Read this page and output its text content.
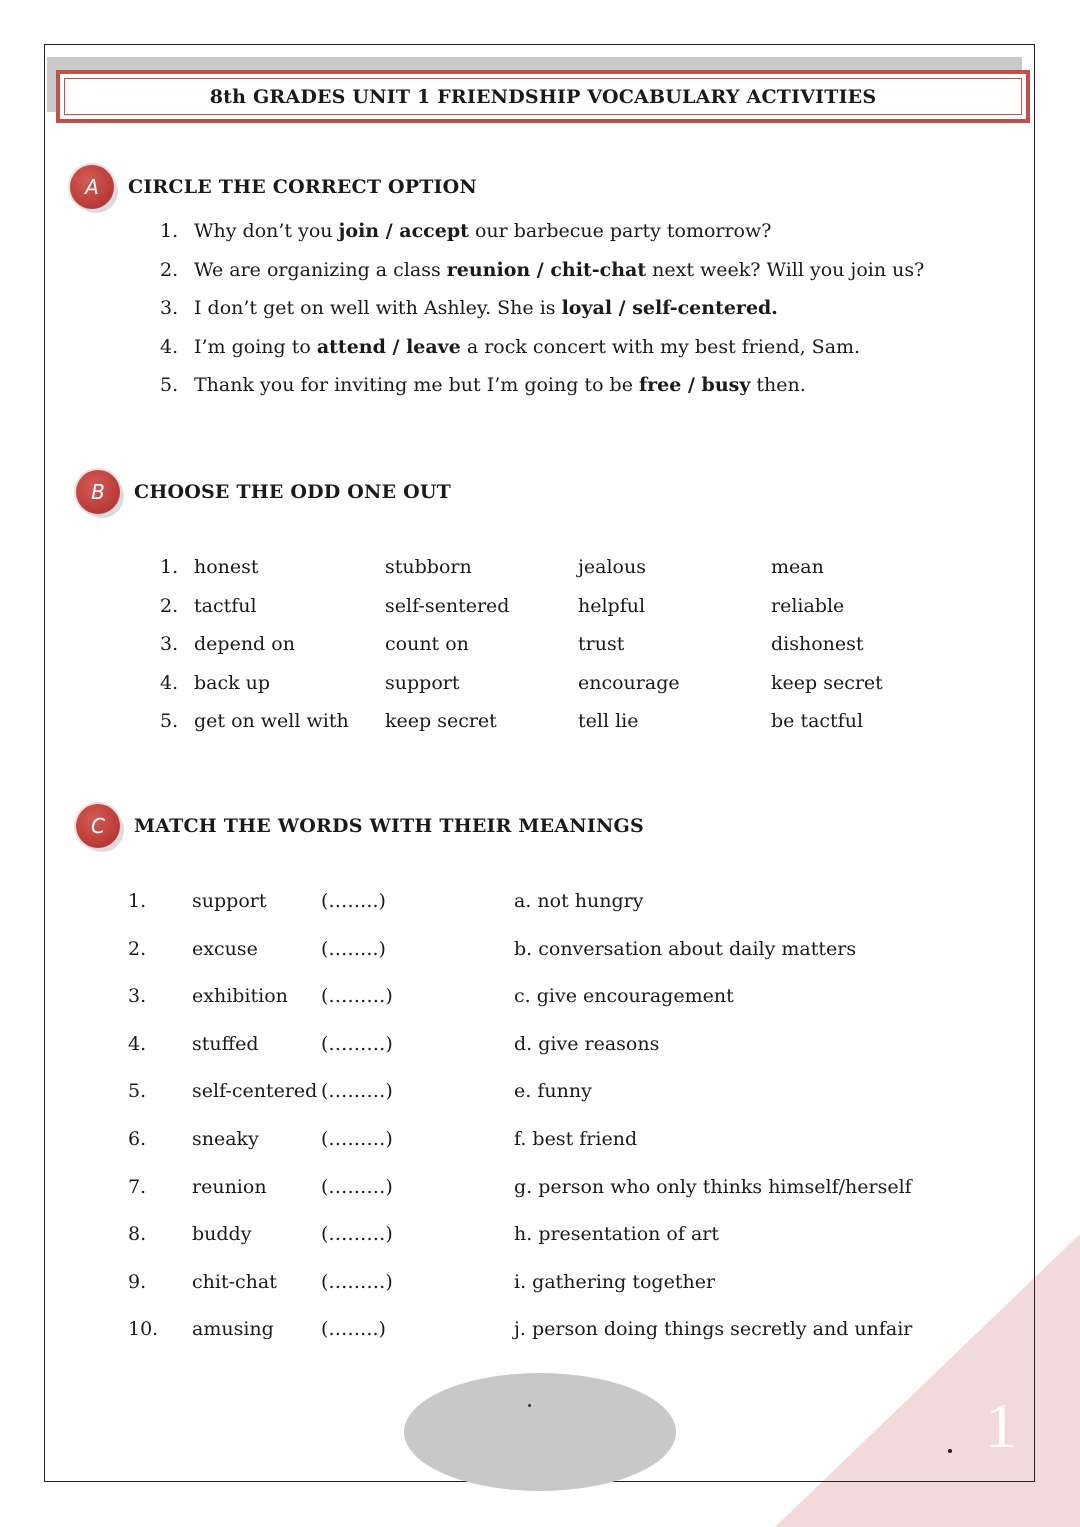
8th GRADES UNIT 1 FRIENDSHIP VOCABULARY ACTIVITIES
A	CIRCLE THE CORRECT OPTION
1. Why don’t you join / accept our barbecue party tomorrow?
2. We are organizing a class reunion / chit-chat next week? Will you join us?
3. I don’t get on well with Ashley. She is loyal / self-centered.
4. I’m going to attend / leave a rock concert with my best friend, Sam.
5. Thank you for inviting me but I’m going to be free / busy then.
B	CHOOSE THE ODD ONE OUT
1. honest	stubborn	jealous	mean
2. tactful	self-sentered	helpful	reliable
3. depend on	count on	trust	dishonest
4. back up	support	encourage	keep secret
5. get on well with	keep secret	tell lie	be tactful
C	MATCH THE WORDS WITH THEIR MEANINGS
1.	support	(……..)	a. not hungry
2.	excuse	(……..)	b. conversation about daily matters
3.	exhibition	(………)	c. give encouragement
4.	stuffed	(………)	d. give reasons
5.	self-centered (………)	e. funny
6.	sneaky	(………)	f. best friend
7.	reunion	(………)	g. person who only thinks himself/herself
8.	buddy	(………)	h. presentation of art
9.	chit-chat	(………)	i. gathering together
10.	amusing	(……..)	j. person doing things secretly and unfair
1
